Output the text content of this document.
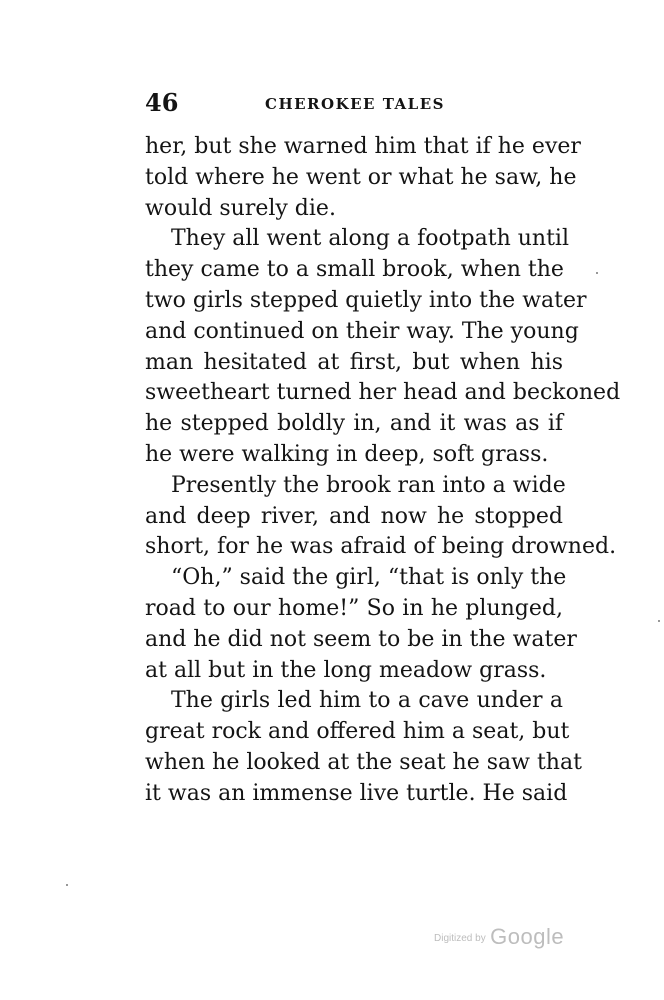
46	CHEROKEE TALES
her, but she warned him that if he ever
told where he went or what he saw, he
would surely die.
They all went along a footpath until
they came to a small brook, when the
two girls stepped quietly into the water
and continued on their way. The young
man hesitated at first, but when his
sweetheart turned her head and beckoned
he stepped boldly in, and it was as if
he were walking in deep, soft grass.
Presently the brook ran into a wide
and deep river, and now he stopped
short, for he was afraid of being drowned.
“Oh,” said the girl, “that is only the
road to our home!” So in he plunged,
and he did not seem to be in the water
at all but in the long meadow grass.
The girls led him to a cave under a
great rock and offered him a seat, but
when he looked at the seat he saw that
it was an immense live turtle. He said
Digitized by Google
